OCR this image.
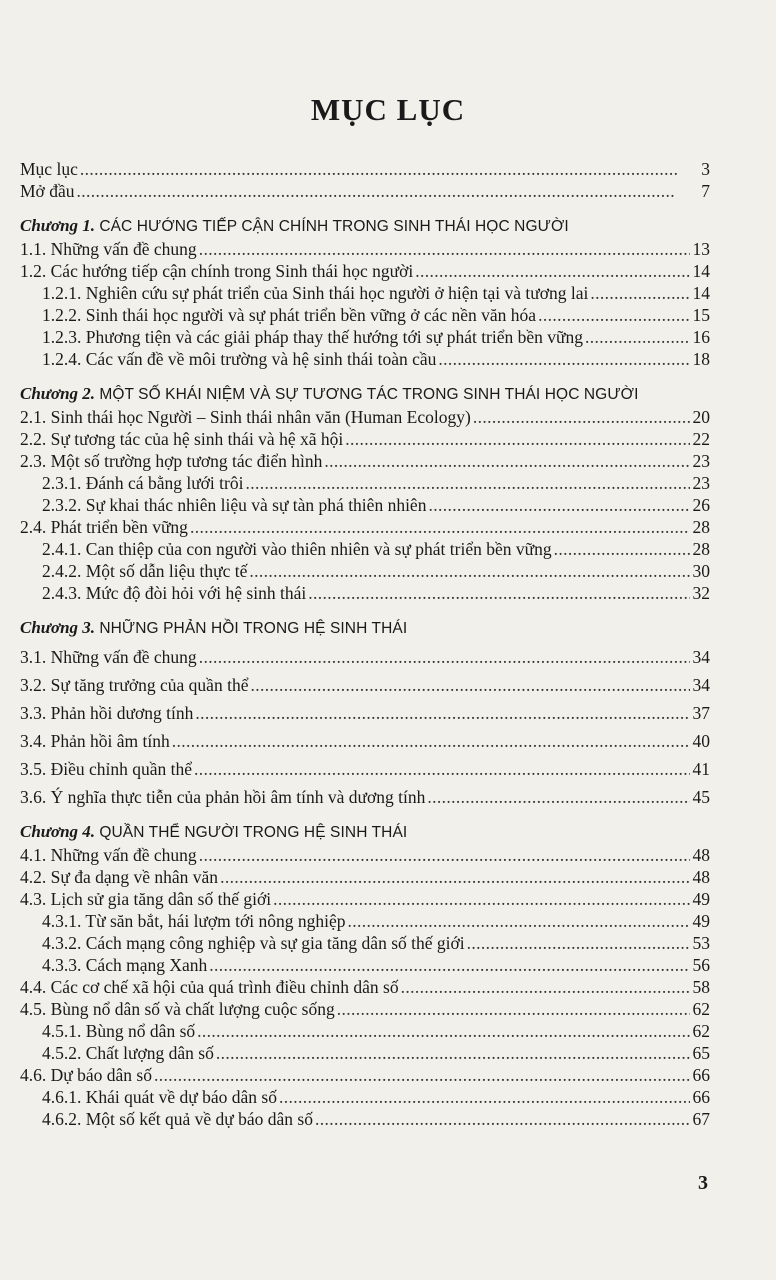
MỤC LỤC
Mục lục . . .	3
Mở đầu . . .	7
Chương 1. CÁC HƯỚNG TIẾP CẬN CHÍNH TRONG SINH THÁI HỌC NGƯỜI
1.1. Những vấn đề chung . . .	13
1.2. Các hướng tiếp cận chính trong Sinh thái học người . . .	14
1.2.1. Nghiên cứu sự phát triển của Sinh thái học người ở hiện tại và tương lai . . .	14
1.2.2. Sinh thái học người và sự phát triển bền vững ở các nền văn hóa . . .	15
1.2.3. Phương tiện và các giải pháp thay thế hướng tới sự phát triển bền vững . . .	16
1.2.4. Các vấn đề về môi trường và hệ sinh thái toàn cầu . . .	18
Chương 2. MỘT SỐ KHÁI NIỆM VÀ SỰ TƯƠNG TÁC TRONG SINH THÁI HỌC NGƯỜI
2.1. Sinh thái học Người – Sinh thái nhân văn (Human Ecology) . . .	20
2.2. Sự tương tác của hệ sinh thái và hệ xã hội . . .	22
2.3. Một số trường hợp tương tác điển hình . . .	23
2.3.1. Đánh cá bằng lưới trôi . . .	23
2.3.2. Sự khai thác nhiên liệu và sự tàn phá thiên nhiên . . .	26
2.4. Phát triển bền vững . . .	28
2.4.1. Can thiệp của con người vào thiên nhiên và sự phát triển bền vững . . .	28
2.4.2. Một số dẫn liệu thực tế . . .	30
2.4.3. Mức độ đòi hỏi với hệ sinh thái . . .	32
Chương 3. NHỮNG PHẢN HỒI TRONG HỆ SINH THÁI
3.1. Những vấn đề chung . . .	34
3.2. Sự tăng trưởng của quần thể . . .	34
3.3. Phản hồi dương tính . . .	37
3.4. Phản hồi âm tính . . .	40
3.5. Điều chỉnh quần thể . . .	41
3.6. Ý nghĩa thực tiễn của phản hồi âm tính và dương tính . . .	45
Chương 4. QUẦN THỂ NGƯỜI TRONG HỆ SINH THÁI
4.1. Những vấn đề chung . . .	48
4.2. Sự đa dạng về nhân văn . . .	48
4.3. Lịch sử gia tăng dân số thế giới . . .	49
4.3.1. Từ săn bắt, hái lượm tới nông nghiệp . . .	49
4.3.2. Cách mạng công nghiệp và sự gia tăng dân số thế giới . . .	53
4.3.3. Cách mạng Xanh . . .	56
4.4. Các cơ chế xã hội của quá trình điều chỉnh dân số . . .	58
4.5. Bùng nổ dân số và chất lượng cuộc sống . . .	62
4.5.1. Bùng nổ dân số . . .	62
4.5.2. Chất lượng dân số . . .	65
4.6. Dự báo dân số . . .	66
4.6.1. Khái quát về dự báo dân số . . .	66
4.6.2. Một số kết quả về dự báo dân số . . .	67
3
